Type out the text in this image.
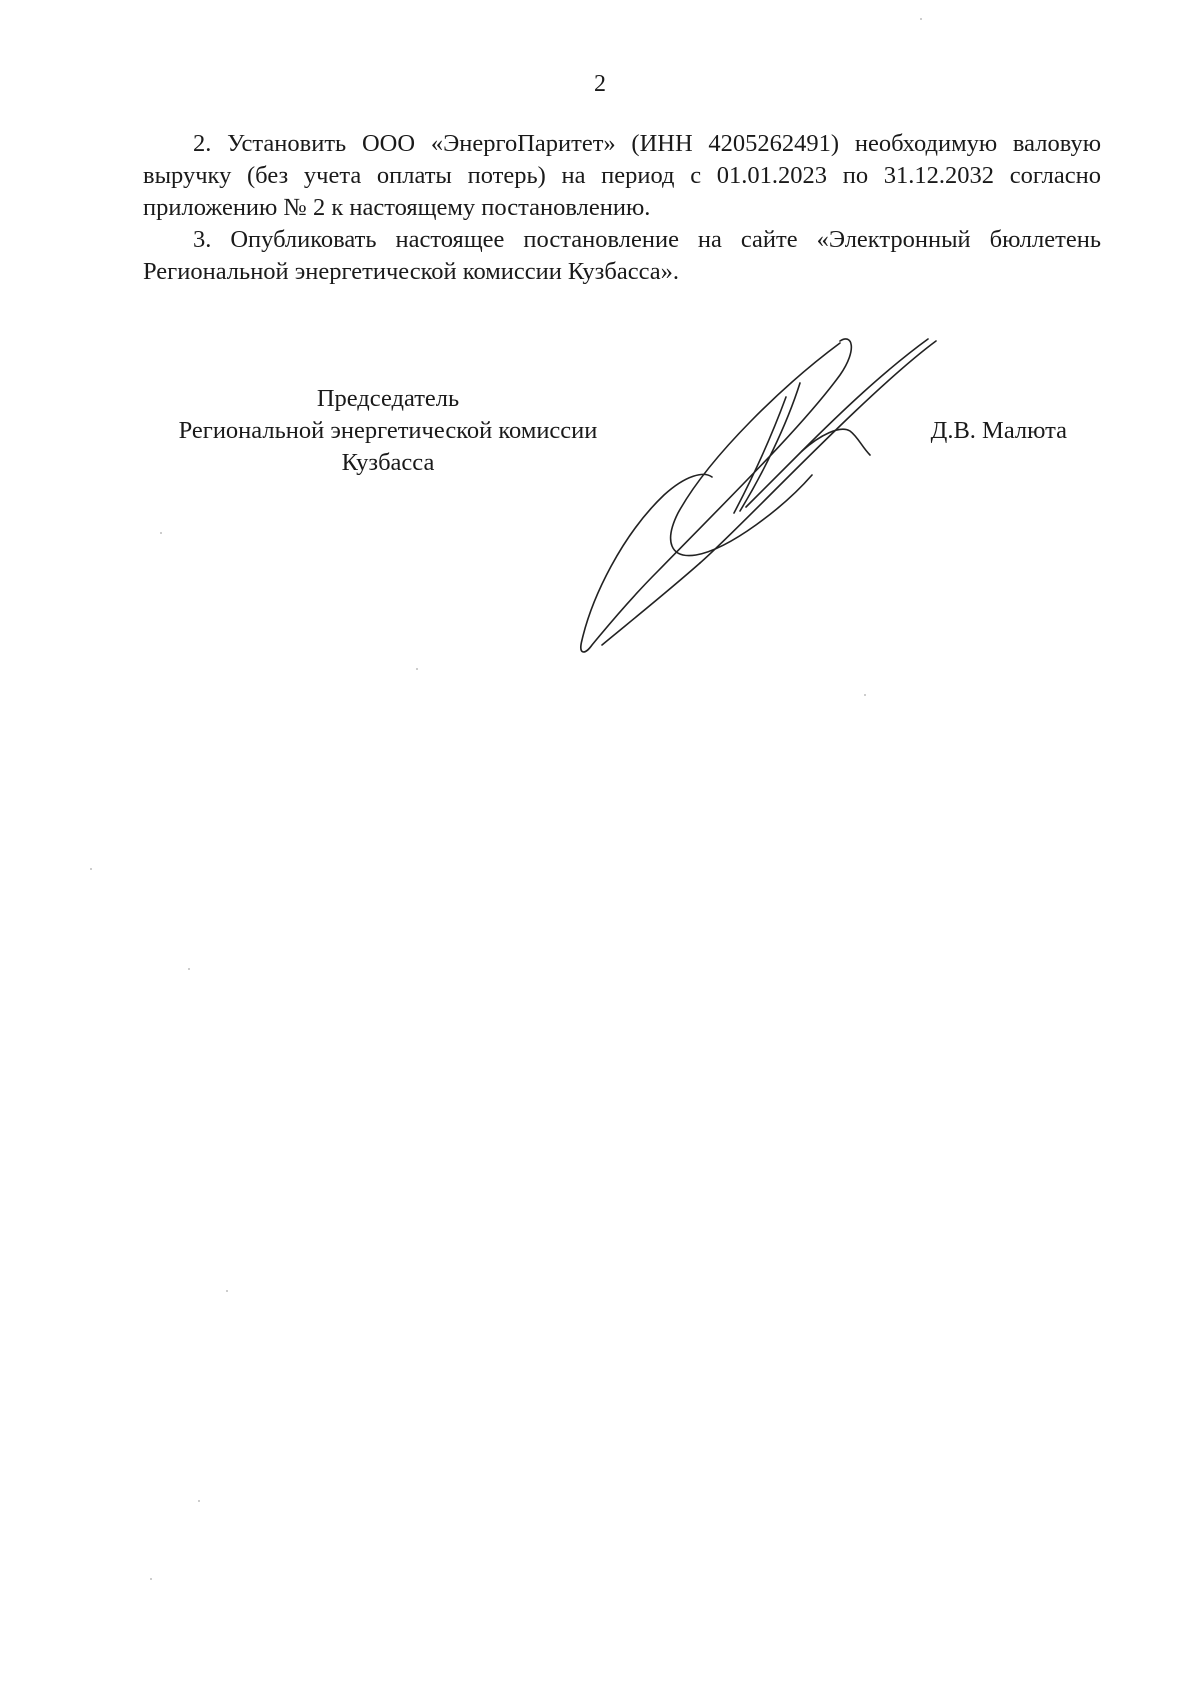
2

2. Установить ООО «ЭнергоПаритет» (ИНН 4205262491) необходимую валовую выручку (без учета оплаты потерь) на период с 01.01.2023 по 31.12.2032 согласно приложению № 2 к настоящему постановлению.

3. Опубликовать настоящее постановление на сайте «Электронный бюллетень Региональной энергетической комиссии Кузбасса».

Председатель
Региональной энергетической комиссии
Кузбасса
Д.В. Малюта
